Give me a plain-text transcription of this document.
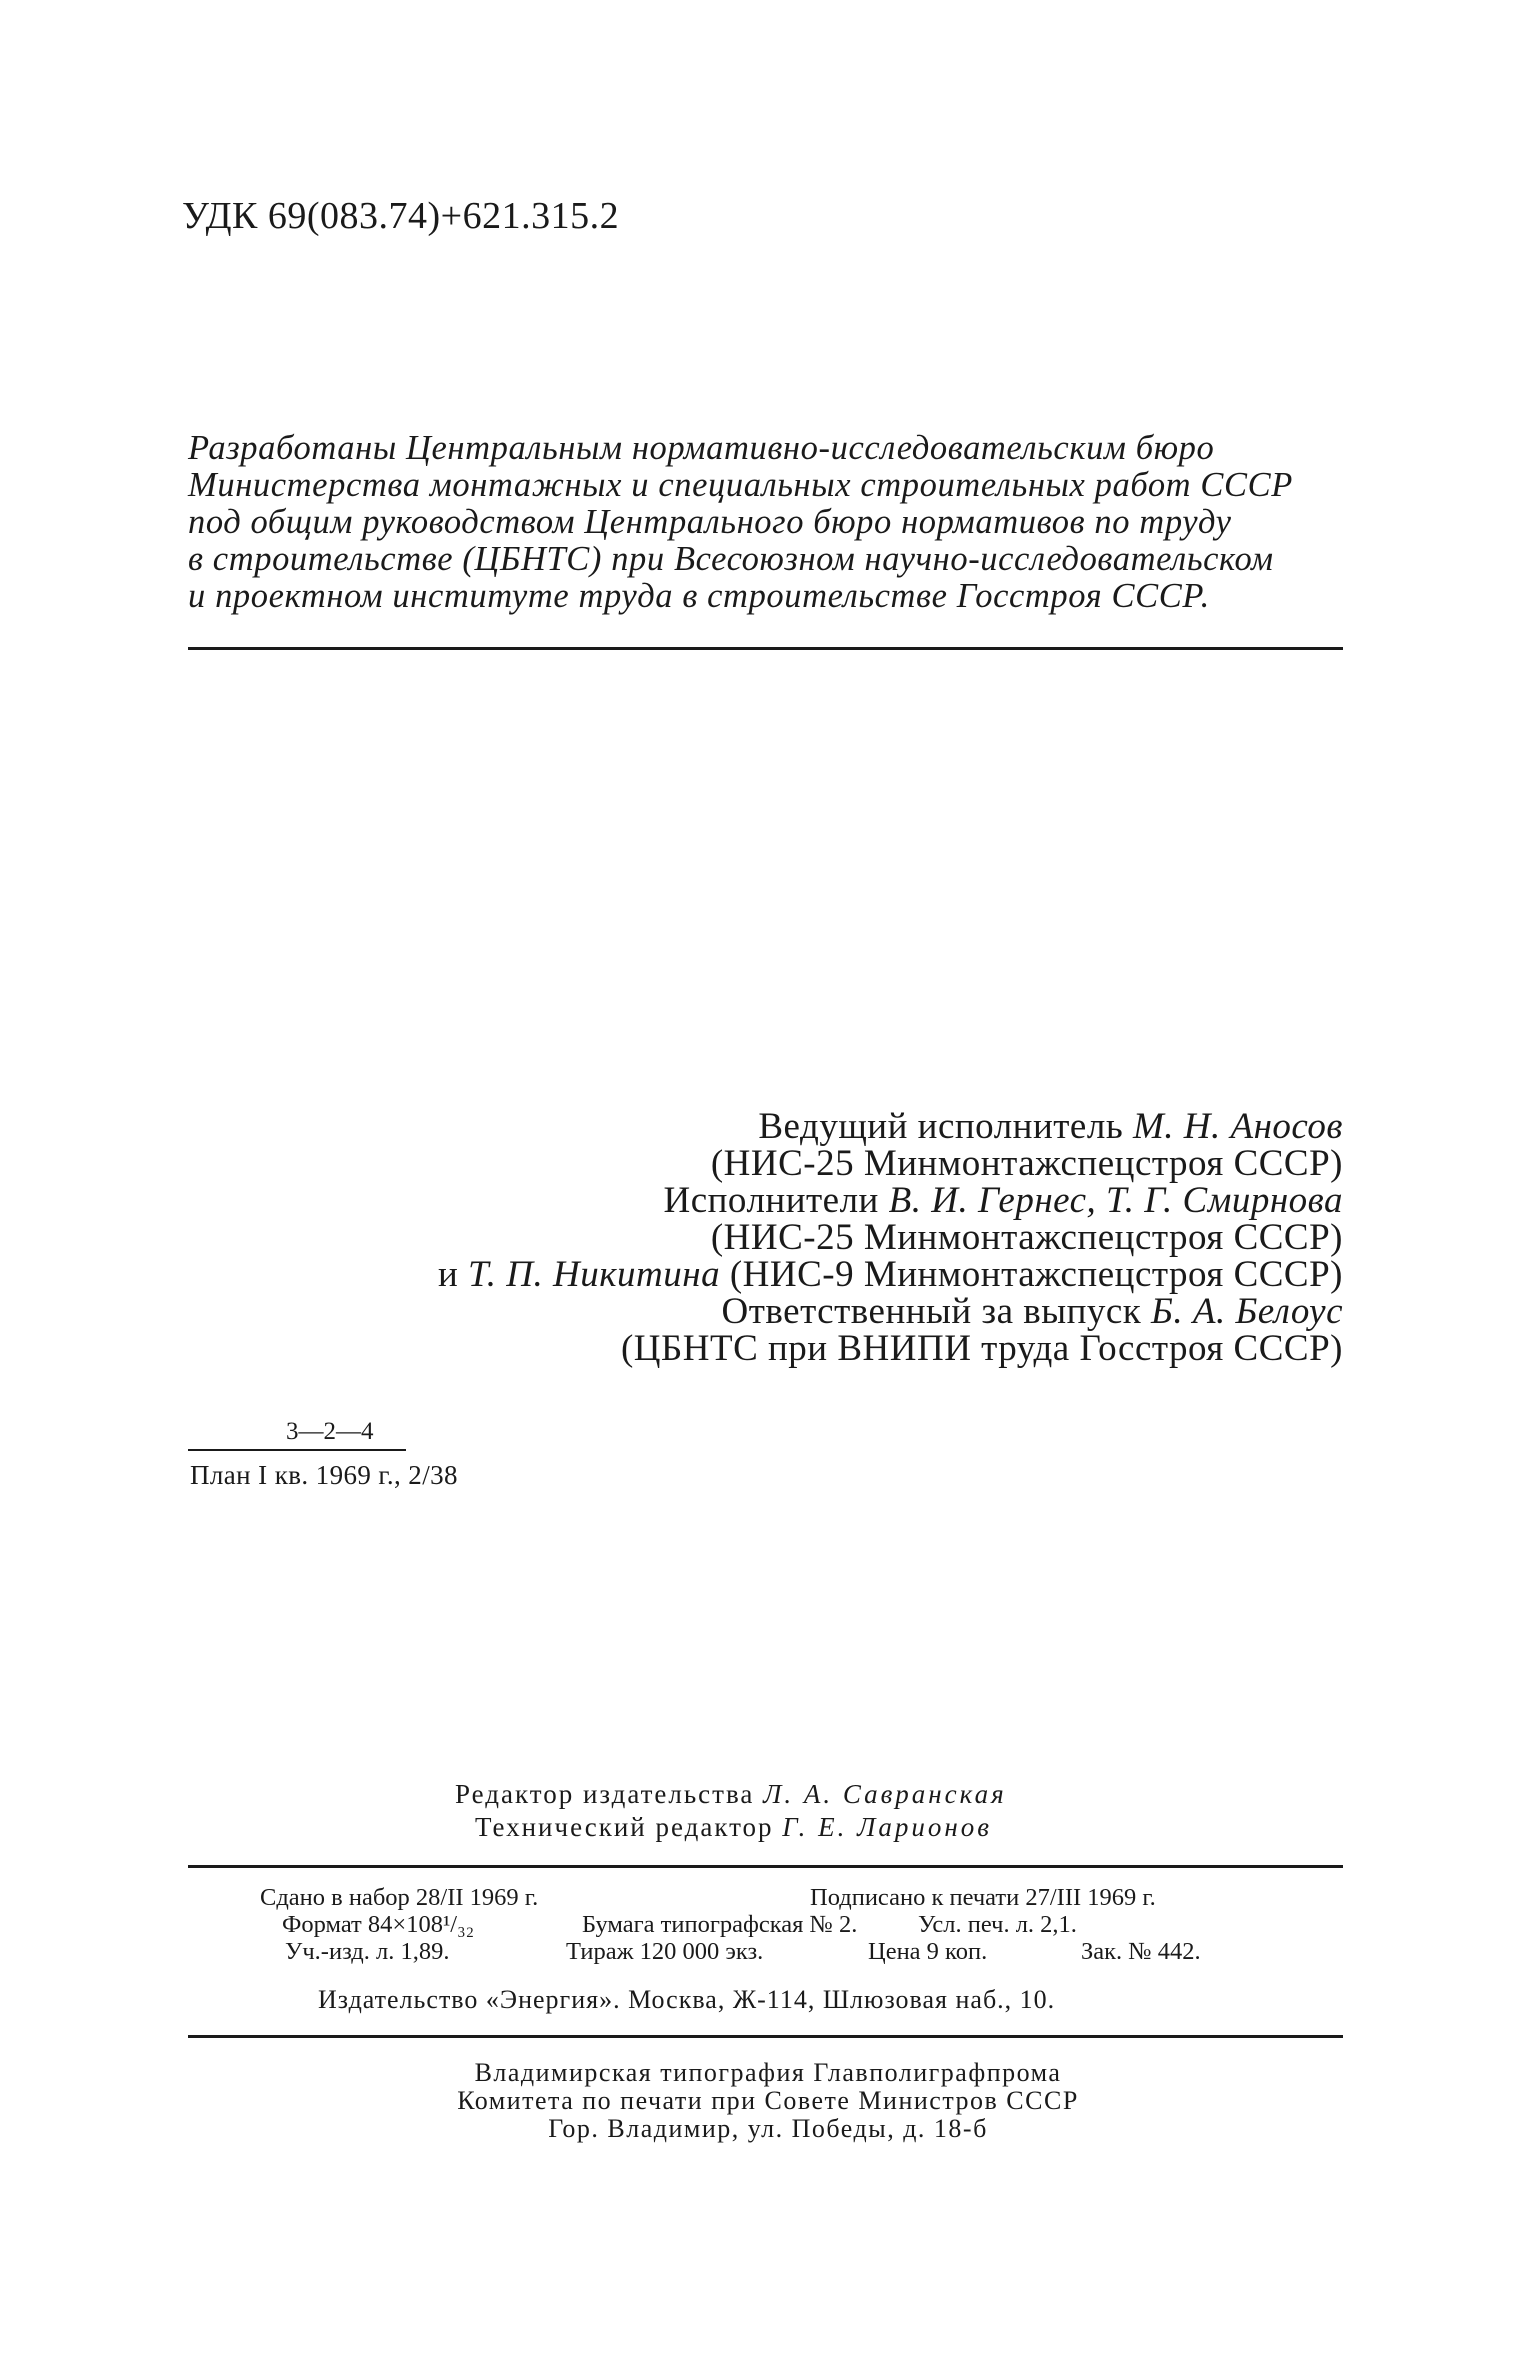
УДК 69(083.74)+621.315.2
Разработаны Центральным нормативно-исследовательским бюро
Министерства монтажных и специальных строительных работ СССР
под общим руководством Центрального бюро нормативов по труду
в строительстве (ЦБНТС) при Всесоюзном научно-исследовательском
и проектном институте труда в строительстве Госстроя СССР.
Ведущий исполнитель М. Н. Аносов
(НИС-25 Минмонтажспецстроя СССР)
Исполнители В. И. Гернес, Т. Г. Смирнова
(НИС-25 Минмонтажспецстроя СССР)
и Т. П. Никитина (НИС-9 Минмонтажспецстроя СССР)
Ответственный за выпуск Б. А. Белоус
(ЦБНТС при ВНИПИ труда Госстроя СССР)
3—2—4
План I кв. 1969 г., 2/38
Редактор издательства Л. А. Савранская
Технический редактор Г. Е. Ларионов
Сдано в набор 28/II 1969 г.	Подписано к печати 27/III 1969 г.
Формат 84×108¹/₃₂	Бумага типографская № 2. Усл. печ. л. 2,1.
Уч.-изд. л. 1,89.	Тираж 120 000 экз.	Цена 9 коп.	Зак. № 442.
Издательство «Энергия». Москва, Ж-114, Шлюзовая наб., 10.
Владимирская типография Главполиграфпрома
Комитета по печати при Совете Министров СССР
Гор. Владимир, ул. Победы, д. 18-б
